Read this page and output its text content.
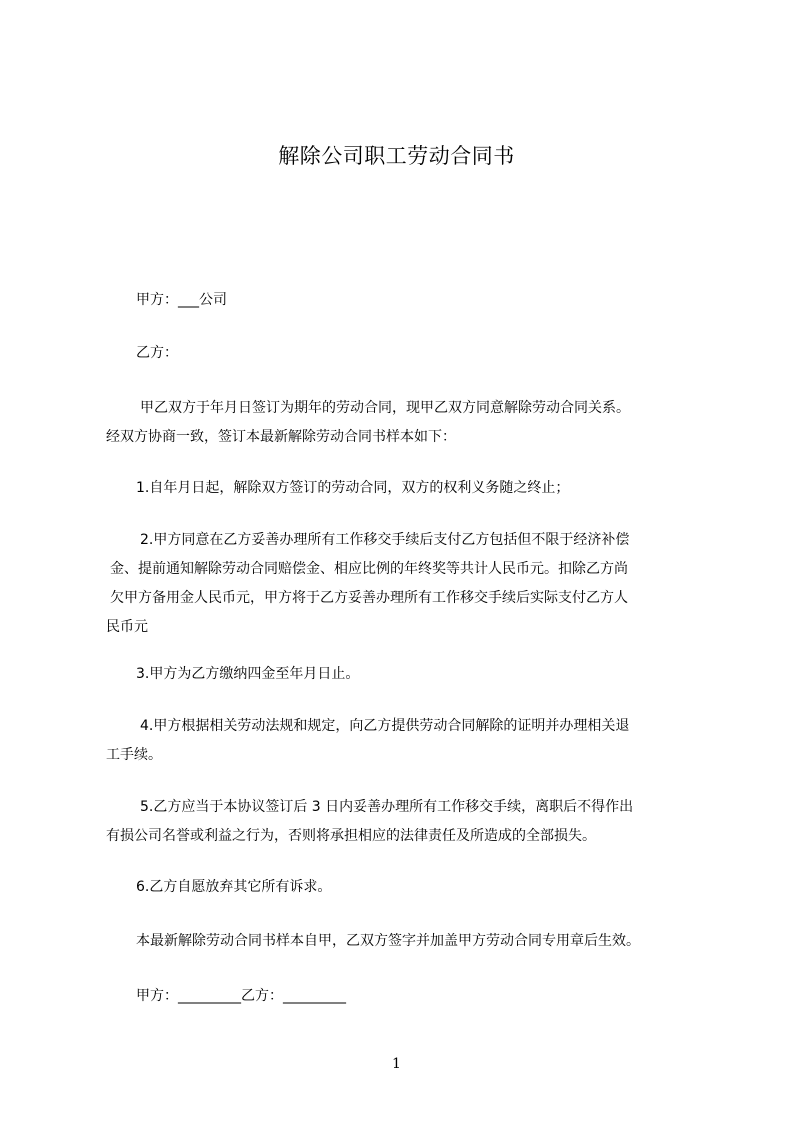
解除公司职工劳动合同书

甲方：___公司

乙方：

甲乙双方于年月日签订为期年的劳动合同，现甲乙双方同意解除劳动合同关系。
经双方协商一致，签订本最新解除劳动合同书样本如下：

1.自年月日起，解除双方签订的劳动合同，双方的权利义务随之终止；

2.甲方同意在乙方妥善办理所有工作移交手续后支付乙方包括但不限于经济补偿
金、提前通知解除劳动合同赔偿金、相应比例的年终奖等共计人民币元。扣除乙方尚
欠甲方备用金人民币元，甲方将于乙方妥善办理所有工作移交手续后实际支付乙方人
民币元

3.甲方为乙方缴纳四金至年月日止。

4.甲方根据相关劳动法规和规定，向乙方提供劳动合同解除的证明并办理相关退
工手续。
5.乙方应当于本协议签订后 3 日内妥善办理所有工作移交手续，离职后不得作出
有损公司名誉或利益之行为，否则将承担相应的法律责任及所造成的全部损失。

6.乙方自愿放弃其它所有诉求。

本最新解除劳动合同书样本自甲，乙双方签字并加盖甲方劳动合同专用章后生效。

甲方：_________乙方：_________

1
